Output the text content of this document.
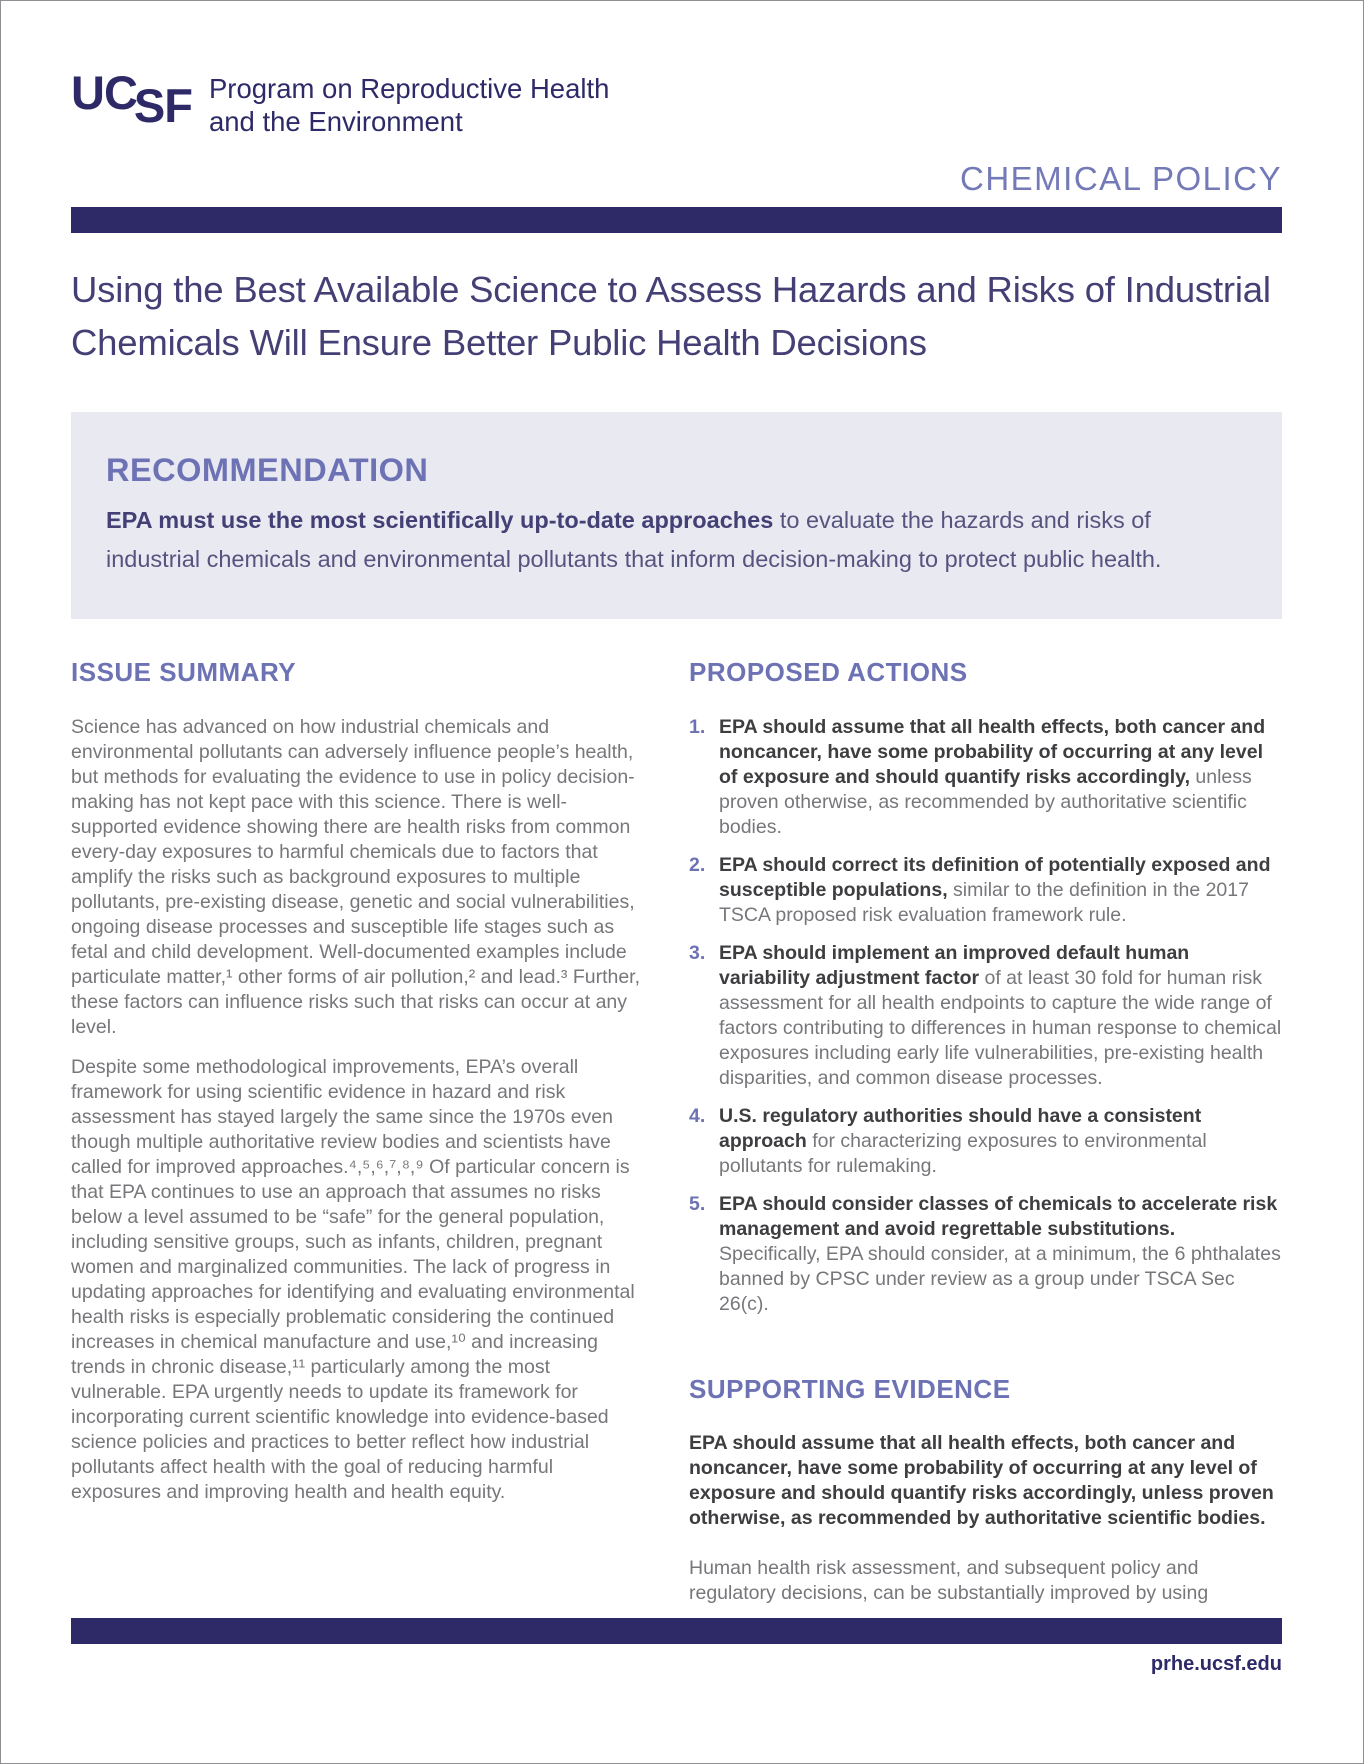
UCSF Program on Reproductive Health
and the Environment
CHEMICAL POLICY
Using the Best Available Science to Assess Hazards and Risks of Industrial Chemicals Will Ensure Better Public Health Decisions
RECOMMENDATION

EPA must use the most scientifically up-to-date approaches to evaluate the hazards and risks of industrial chemicals and environmental pollutants that inform decision-making to protect public health.

ISSUE SUMMARY

Science has advanced on how industrial chemicals and environmental pollutants can adversely influence people’s health, but methods for evaluating the evidence to use in policy decision-making has not kept pace with this science. There is well-supported evidence showing there are health risks from common every-day exposures to harmful chemicals due to factors that amplify the risks such as background exposures to multiple pollutants, pre-existing disease, genetic and social vulnerabilities, ongoing disease processes and susceptible life stages such as fetal and child development. Well-documented examples include particulate matter,¹ other forms of air pollution,² and lead.³ Further, these factors can influence risks such that risks can occur at any level.

Despite some methodological improvements, EPA’s overall framework for using scientific evidence in hazard and risk assessment has stayed largely the same since the 1970s even though multiple authoritative review bodies and scientists have called for improved approaches.⁴,⁵,⁶,⁷,⁸,⁹ Of particular concern is that EPA continues to use an approach that assumes no risks below a level assumed to be “safe” for the general population, including sensitive groups, such as infants, children, pregnant women and marginalized communities. The lack of progress in updating approaches for identifying and evaluating environmental health risks is especially problematic considering the continued increases in chemical manufacture and use,¹⁰ and increasing trends in chronic disease,¹¹ particularly among the most vulnerable. EPA urgently needs to update its framework for incorporating current scientific knowledge into evidence-based science policies and practices to better reflect how industrial pollutants affect health with the goal of reducing harmful exposures and improving health and health equity.

PROPOSED ACTIONS
1. EPA should assume that all health effects, both cancer and noncancer, have some probability of occurring at any level of exposure and should quantify risks accordingly, unless proven otherwise, as recommended by authoritative scientific bodies.
2. EPA should correct its definition of potentially exposed and susceptible populations, similar to the definition in the 2017 TSCA proposed risk evaluation framework rule.
3. EPA should implement an improved default human variability adjustment factor of at least 30 fold for human risk assessment for all health endpoints to capture the wide range of factors contributing to differences in human response to chemical exposures including early life vulnerabilities, pre-existing health disparities, and common disease processes.
4. U.S. regulatory authorities should have a consistent approach for characterizing exposures to environmental pollutants for rulemaking.
5. EPA should consider classes of chemicals to accelerate risk management and avoid regrettable substitutions. Specifically, EPA should consider, at a minimum, the 6 phthalates banned by CPSC under review as a group under TSCA Sec 26(c).
SUPPORTING EVIDENCE

EPA should assume that all health effects, both cancer and noncancer, have some probability of occurring at any level of exposure and should quantify risks accordingly, unless proven otherwise, as recommended by authoritative scientific bodies.

Human health risk assessment, and subsequent policy and regulatory decisions, can be substantially improved by using

prhe.ucsf.edu
